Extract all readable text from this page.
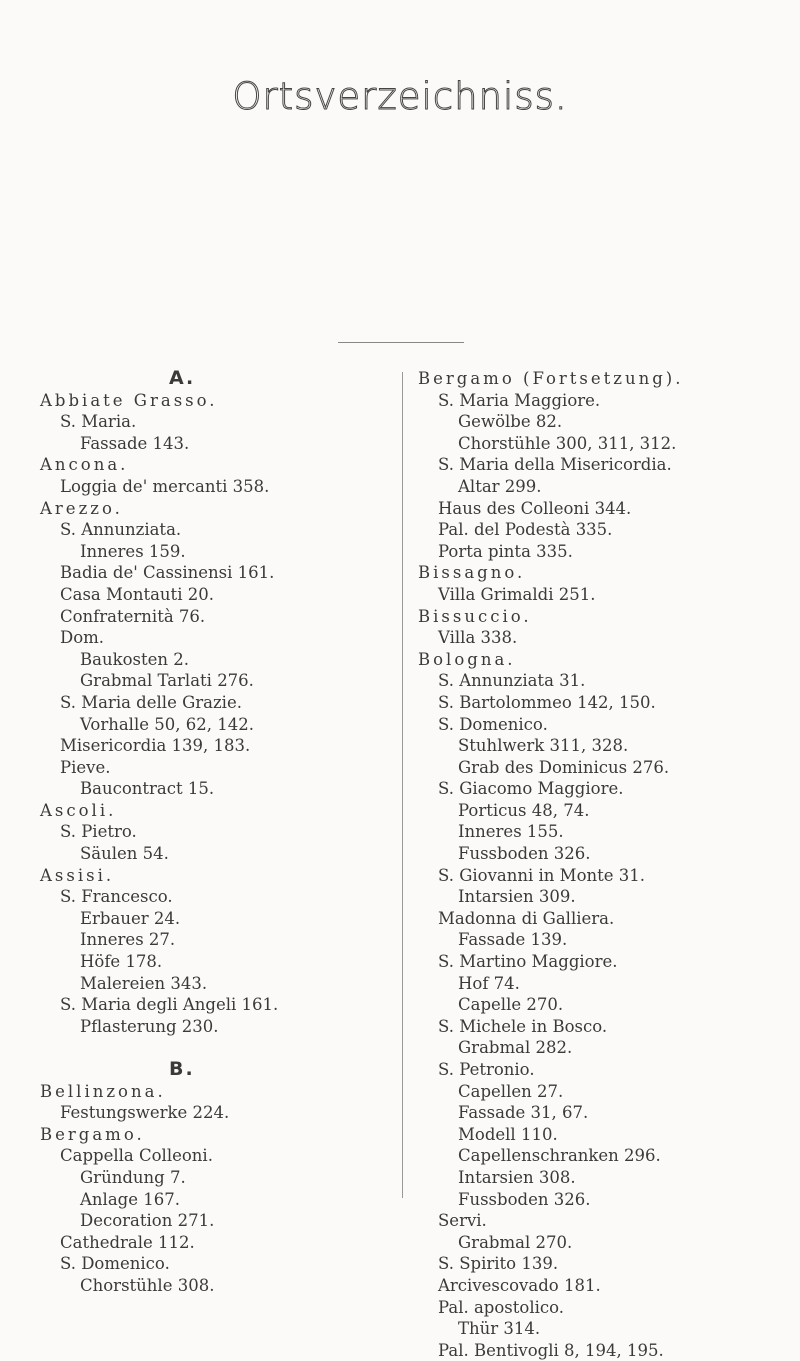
Ortsverzeichniss.
A.
Abbiate Grasso.
S. Maria.
Fassade 143.
Ancona.
Loggia de' mercanti 358.
Arezzo.
S. Annunziata.
Inneres 159.
Badia de' Cassinensi 161.
Casa Montauti 20.
Confraternità 76.
Dom.
Baukosten 2.
Grabmal Tarlati 276.
S. Maria delle Grazie.
Vorhalle 50, 62, 142.
Misericordia 139, 183.
Pieve.
Baucontract 15.
Ascoli.
S. Pietro.
Säulen 54.
Assisi.
S. Francesco.
Erbauer 24.
Inneres 27.
Höfe 178.
Malereien 343.
S. Maria degli Angeli 161.
Pflasterung 230.
B.
Bellinzona.
Festungswerke 224.
Bergamo.
Cappella Colleoni.
Gründung 7.
Anlage 167.
Decoration 271.
Cathedrale 112.
S. Domenico.
Chorstühle 308.
Bergamo (Fortsetzung).
S. Maria Maggiore.
Gewölbe 82.
Chorstühle 300, 311, 312.
S. Maria della Misericordia.
Altar 299.
Haus des Colleoni 344.
Pal. del Podestà 335.
Porta pinta 335.
Bissagno.
Villa Grimaldi 251.
Bissuccio.
Villa 338.
Bologna.
S. Annunziata 31.
S. Bartolommeo 142, 150.
S. Domenico.
Stuhlwerk 311, 328.
Grab des Dominicus 276.
S. Giacomo Maggiore.
Porticus 48, 74.
Inneres 155.
Fussboden 326.
S. Giovanni in Monte 31.
Intarsien 309.
Madonna di Galliera.
Fassade 139.
S. Martino Maggiore.
Hof 74.
Capelle 270.
S. Michele in Bosco.
Grabmal 282.
S. Petronio.
Capellen 27.
Fassade 31, 67.
Modell 110.
Capellenschranken 296.
Intarsien 308.
Fussboden 326.
Servi.
Grabmal 270.
S. Spirito 139.
Arcivescovado 181.
Pal. apostolico.
Thür 314.
Pal. Bentivogli 8, 194, 195.
